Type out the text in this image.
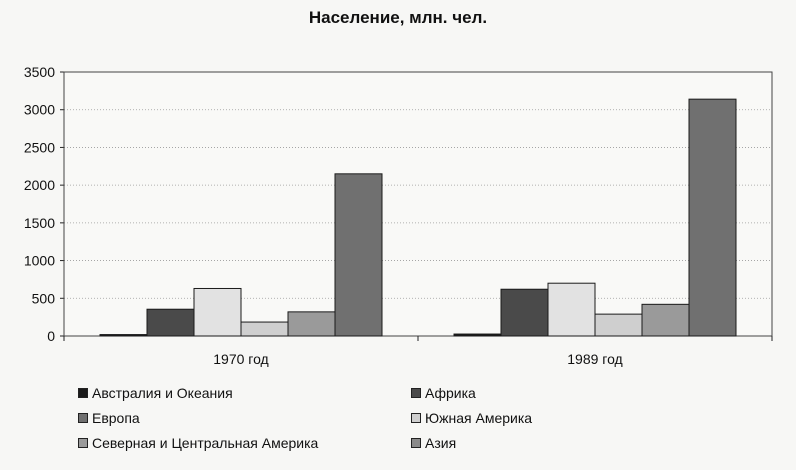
Население, млн. чел.
0
500
1000
1500
2000
2500
3000
3500
1970 год	1989 год
Австралия и Океания	Африка
Европа	Южная Америка
Северная и Центральная Америка	Азия
